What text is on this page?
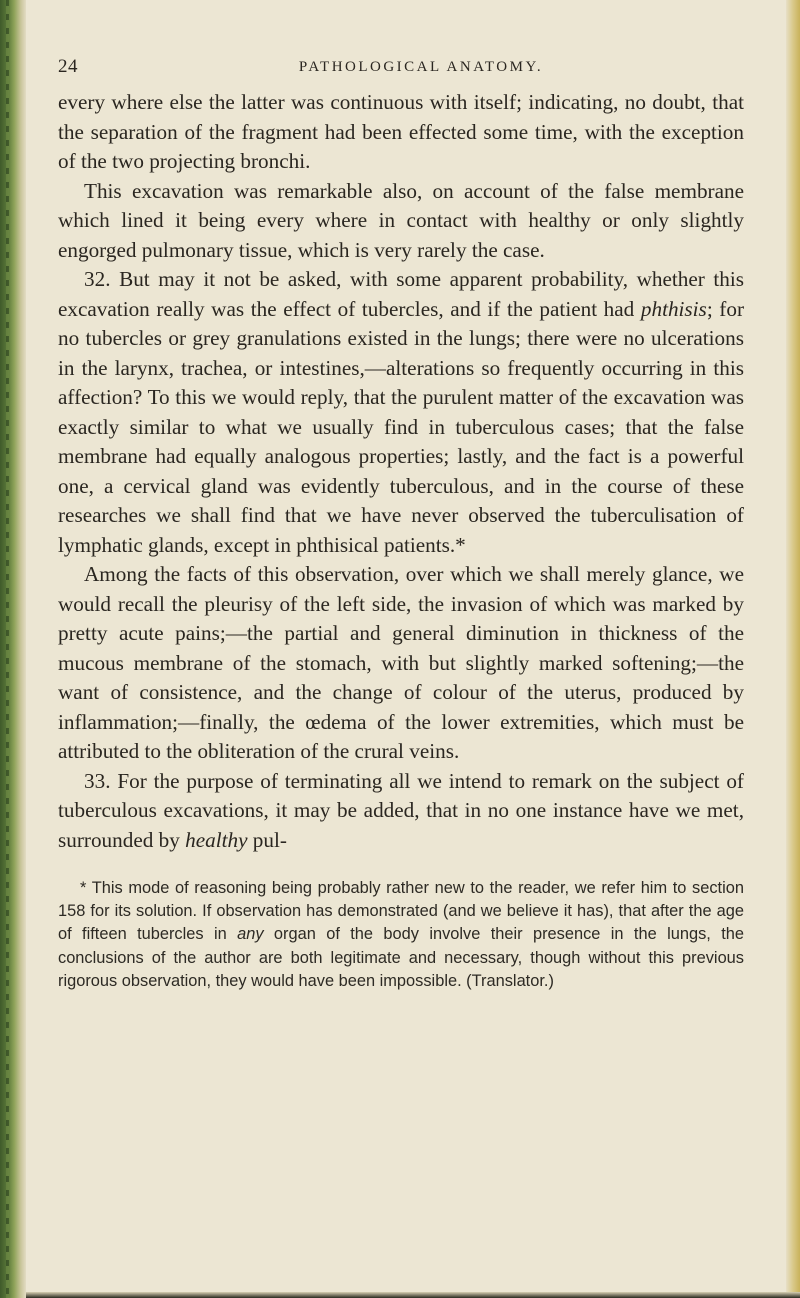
24	PATHOLOGICAL ANATOMY.

every where else the latter was continuous with itself; indicating, no doubt, that the separation of the fragment had been effected some time, with the exception of the two projecting bronchi.

This excavation was remarkable also, on account of the false membrane which lined it being every where in contact with healthy or only slightly engorged pulmonary tissue, which is very rarely the case.

32. But may it not be asked, with some apparent probability, whether this excavation really was the effect of tubercles, and if the patient had phthisis; for no tubercles or grey granulations existed in the lungs; there were no ulcerations in the larynx, trachea, or intestines,—alterations so frequently occurring in this affection? To this we would reply, that the purulent matter of the excavation was exactly similar to what we usually find in tuberculous cases; that the false membrane had equally analogous properties; lastly, and the fact is a powerful one, a cervical gland was evidently tuberculous, and in the course of these researches we shall find that we have never observed the tuberculisation of lymphatic glands, except in phthisical patients.*

Among the facts of this observation, over which we shall merely glance, we would recall the pleurisy of the left side, the invasion of which was marked by pretty acute pains;—the partial and general diminution in thickness of the mucous membrane of the stomach, with but slightly marked softening;—the want of consistence, and the change of colour of the uterus, produced by inflammation;—finally, the œdema of the lower extremities, which must be attributed to the obliteration of the crural veins.

33. For the purpose of terminating all we intend to remark on the subject of tuberculous excavations, it may be added, that in no one instance have we met, surrounded by healthy pul-

* This mode of reasoning being probably rather new to the reader, we refer him to section 158 for its solution. If observation has demonstrated (and we believe it has), that after the age of fifteen tubercles in any organ of the body involve their presence in the lungs, the conclusions of the author are both legitimate and necessary, though without this previous rigorous observation, they would have been impossible. (Translator.)
